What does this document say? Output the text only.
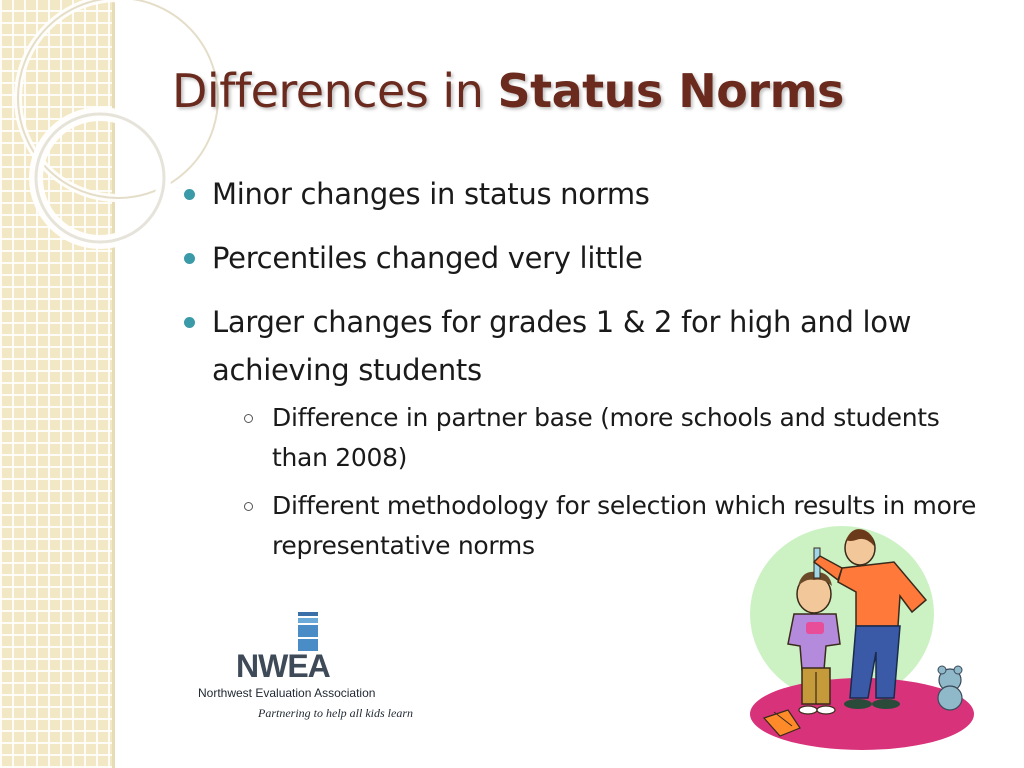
Differences in Status Norms
Minor changes in status norms
Percentiles changed very little
Larger changes for grades 1 & 2 for high and low achieving students
Difference in partner base (more schools and students than 2008)
Different methodology for selection which results in more representative norms
NWEA
Northwest Evaluation Association
Partnering to help all kids learn
